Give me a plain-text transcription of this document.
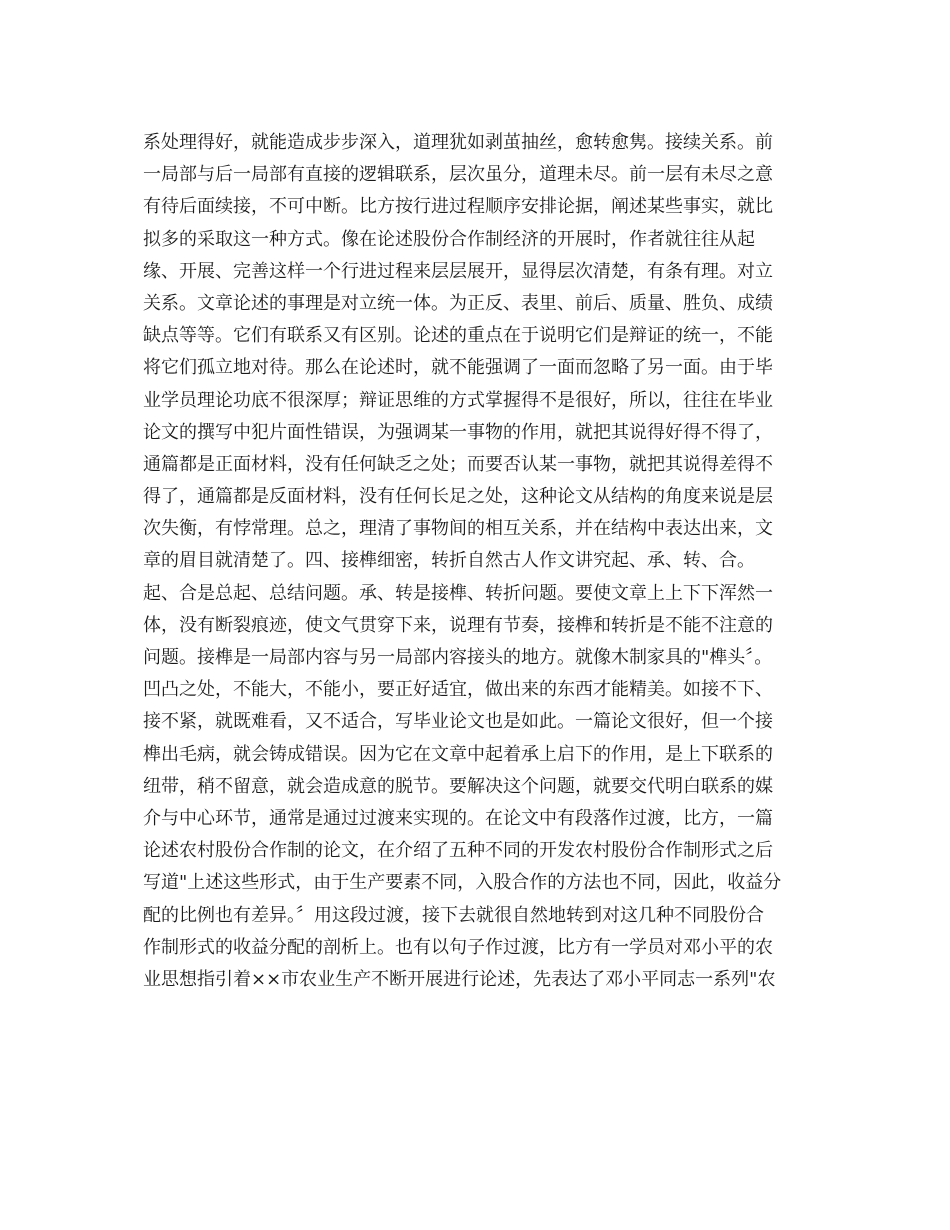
系处理得好，就能造成步步深入，道理犹如剥茧抽丝，愈转愈隽。接续关系。前
一局部与后一局部有直接的逻辑联系，层次虽分，道理未尽。前一层有未尽之意
有待后面续接，不可中断。比方按行进过程顺序安排论据，阐述某些事实，就比
拟多的采取这一种方式。像在论述股份合作制经济的开展时，作者就往往从起
缘、开展、完善这样一个行进过程来层层展开，显得层次清楚，有条有理。对立
关系。文章论述的事理是对立统一体。为正反、表里、前后、质量、胜负、成绩
缺点等等。它们有联系又有区别。论述的重点在于说明它们是辩证的统一，不能
将它们孤立地对待。那么在论述时，就不能强调了一面而忽略了另一面。由于毕
业学员理论功底不很深厚；辩证思维的方式掌握得不是很好，所以，往往在毕业
论文的撰写中犯片面性错误，为强调某一事物的作用，就把其说得好得不得了，
通篇都是正面材料，没有任何缺乏之处；而要否认某一事物，就把其说得差得不
得了，通篇都是反面材料，没有任何长足之处，这种论文从结构的角度来说是层
次失衡，有悖常理。总之，理清了事物间的相互关系，并在结构中表达出来，文
章的眉目就清楚了。四、接榫细密，转折自然古人作文讲究起、承、转、合。
起、合是总起、总结问题。承、转是接榫、转折问题。要使文章上上下下浑然一
体，没有断裂痕迹，使文气贯穿下来，说理有节奏，接榫和转折是不能不注意的
问题。接榫是一局部内容与另一局部内容接头的地方。就像木制家具的"榫头〞。
凹凸之处，不能大，不能小，要正好适宜，做出来的东西才能精美。如接不下、
接不紧，就既难看，又不适合，写毕业论文也是如此。一篇论文很好，但一个接
榫出毛病，就会铸成错误。因为它在文章中起着承上启下的作用，是上下联系的
纽带，稍不留意，就会造成意的脱节。要解决这个问题，就要交代明白联系的媒
介与中心环节，通常是通过过渡来实现的。在论文中有段落作过渡，比方，一篇
论述农村股份合作制的论文，在介绍了五种不同的开发农村股份合作制形式之后
写道"上述这些形式，由于生产要素不同，入股合作的方法也不同，因此，收益分
配的比例也有差异。〞用这段过渡，接下去就很自然地转到对这几种不同股份合
作制形式的收益分配的剖析上。也有以句子作过渡，比方有一学员对邓小平的农
业思想指引着××市农业生产不断开展进行论述，先表达了邓小平同志一系列"农
